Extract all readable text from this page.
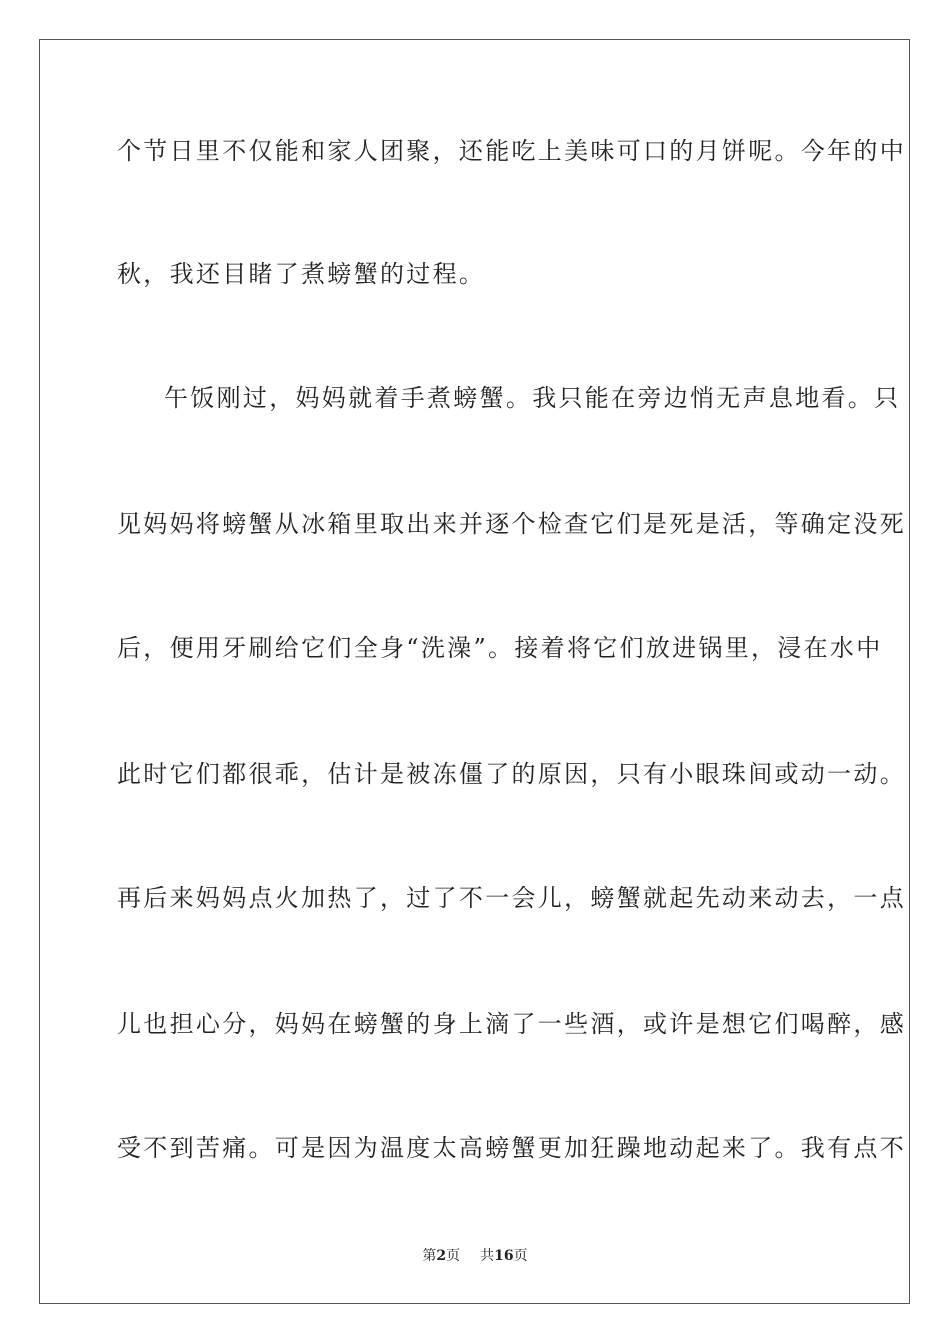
个节日里不仅能和家人团聚，还能吃上美味可口的月饼呢。今年的中
秋，我还目睹了煮螃蟹的过程。
午饭刚过，妈妈就着手煮螃蟹。我只能在旁边悄无声息地看。只
见妈妈将螃蟹从冰箱里取出来并逐个检查它们是死是活，等确定没死
后，便用牙刷给它们全身“洗澡”。接着将它们放进锅里，浸在水中
此时它们都很乖，估计是被冻僵了的原因，只有小眼珠间或动一动。
再后来妈妈点火加热了，过了不一会儿，螃蟹就起先动来动去，一点
儿也担心分，妈妈在螃蟹的身上滴了一些酒，或许是想它们喝醉，感
受不到苦痛。可是因为温度太高螃蟹更加狂躁地动起来了。我有点不
第2页 共16页
